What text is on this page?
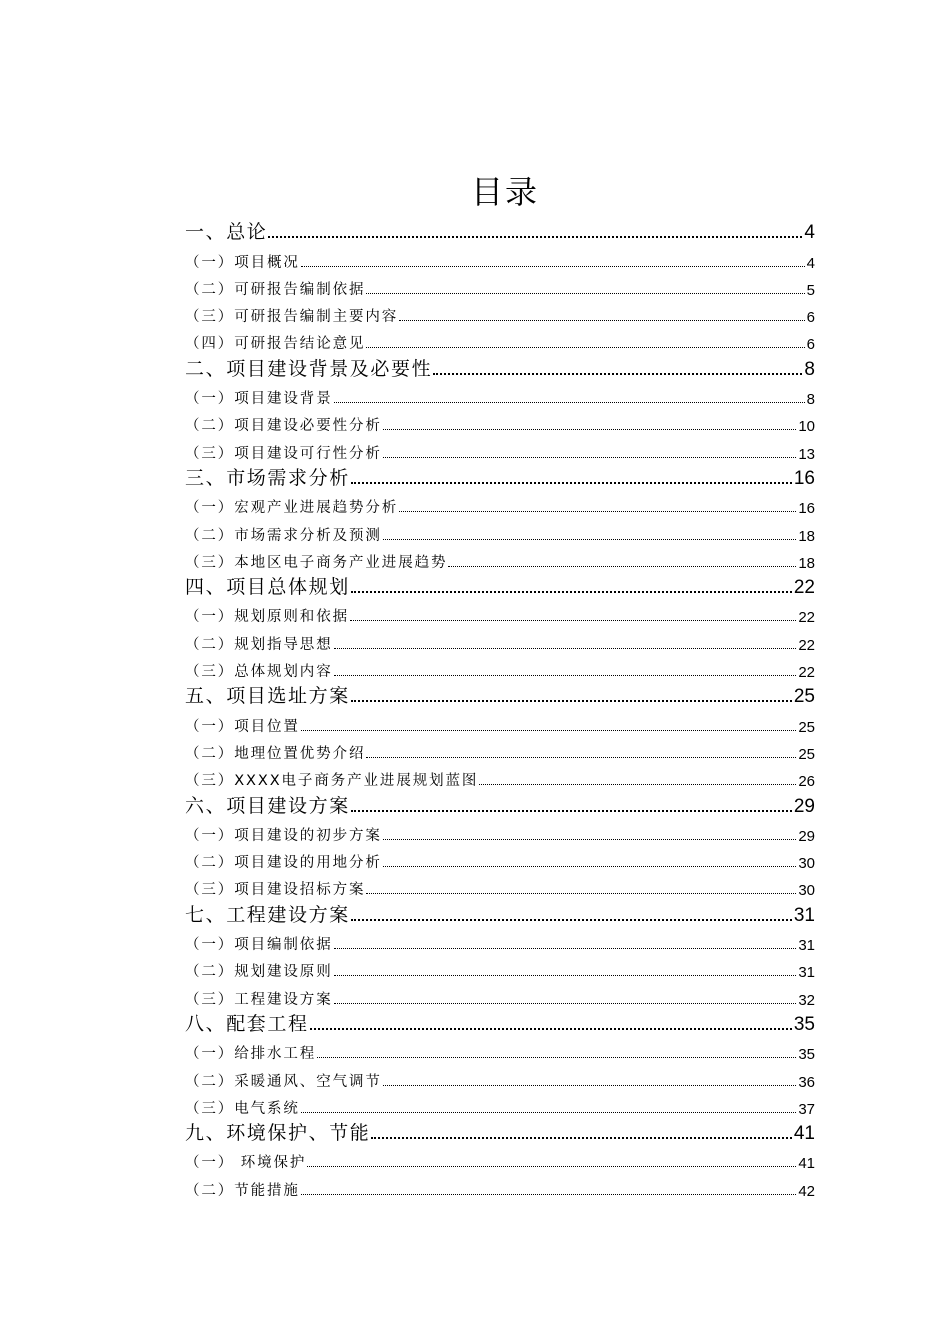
目录
一、总论	4
（一）项目概况	4
（二）可研报告编制依据	5
（三）可研报告编制主要内容	6
（四）可研报告结论意见	6
二、项目建设背景及必要性	8
（一）项目建设背景	8
（二）项目建设必要性分析	10
（三）项目建设可行性分析	13
三、市场需求分析	16
（一）宏观产业进展趋势分析	16
（二）市场需求分析及预测	18
（三）本地区电子商务产业进展趋势	18
四、项目总体规划	22
（一）规划原则和依据	22
（二）规划指导思想	22
（三）总体规划内容	22
五、项目选址方案	25
（一）项目位置	25
（二）地理位置优势介绍	25
（三）XXXX电子商务产业进展规划蓝图	26
六、项目建设方案	29
（一）项目建设的初步方案	29
（二）项目建设的用地分析	30
（三）项目建设招标方案	30
七、工程建设方案	31
（一）项目编制依据	31
（二）规划建设原则	31
（三）工程建设方案	32
八、配套工程	35
（一）给排水工程	35
（二）采暖通风、空气调节	36
（三）电气系统	37
九、环境保护、节能	41
（一） 环境保护	41
（二）节能措施	42
